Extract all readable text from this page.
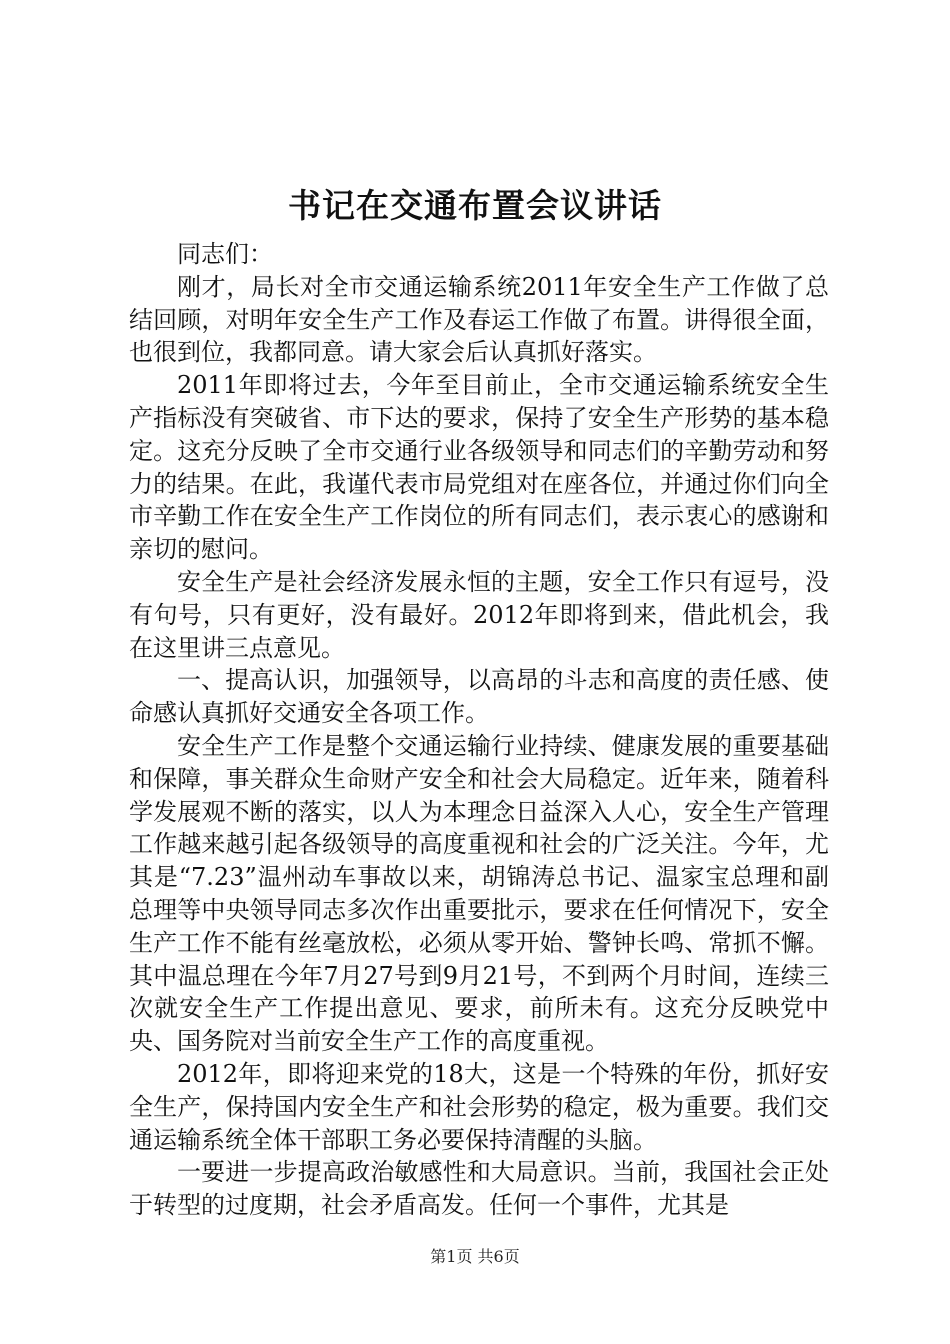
书记在交通布置会议讲话

同志们：

刚才，局长对全市交通运输系统2011年安全生产工作做了总结回顾，对明年安全生产工作及春运工作做了布置。讲得很全面，也很到位，我都同意。请大家会后认真抓好落实。

2011年即将过去，今年至目前止，全市交通运输系统安全生产指标没有突破省、市下达的要求，保持了安全生产形势的基本稳定。这充分反映了全市交通行业各级领导和同志们的辛勤劳动和努力的结果。在此，我谨代表市局党组对在座各位，并通过你们向全市辛勤工作在安全生产工作岗位的所有同志们，表示衷心的感谢和亲切的慰问。

安全生产是社会经济发展永恒的主题，安全工作只有逗号，没有句号，只有更好，没有最好。2012年即将到来，借此机会，我在这里讲三点意见。

一、提高认识，加强领导，以高昂的斗志和高度的责任感、使命感认真抓好交通安全各项工作。

安全生产工作是整个交通运输行业持续、健康发展的重要基础和保障，事关群众生命财产安全和社会大局稳定。近年来，随着科学发展观不断的落实，以人为本理念日益深入人心，安全生产管理工作越来越引起各级领导的高度重视和社会的广泛关注。今年，尤其是“7.23”温州动车事故以来，胡锦涛总书记、温家宝总理和副总理等中央领导同志多次作出重要批示，要求在任何情况下，安全生产工作不能有丝毫放松，必须从零开始、警钟长鸣、常抓不懈。其中温总理在今年7月27号到9月21号，不到两个月时间，连续三次就安全生产工作提出意见、要求，前所未有。这充分反映党中央、国务院对当前安全生产工作的高度重视。

2012年，即将迎来党的18大，这是一个特殊的年份，抓好安全生产，保持国内安全生产和社会形势的稳定，极为重要。我们交通运输系统全体干部职工务必要保持清醒的头脑。

一要进一步提高政治敏感性和大局意识。当前，我国社会正处于转型的过度期，社会矛盾高发。任何一个事件，尤其是

第1页 共6页
